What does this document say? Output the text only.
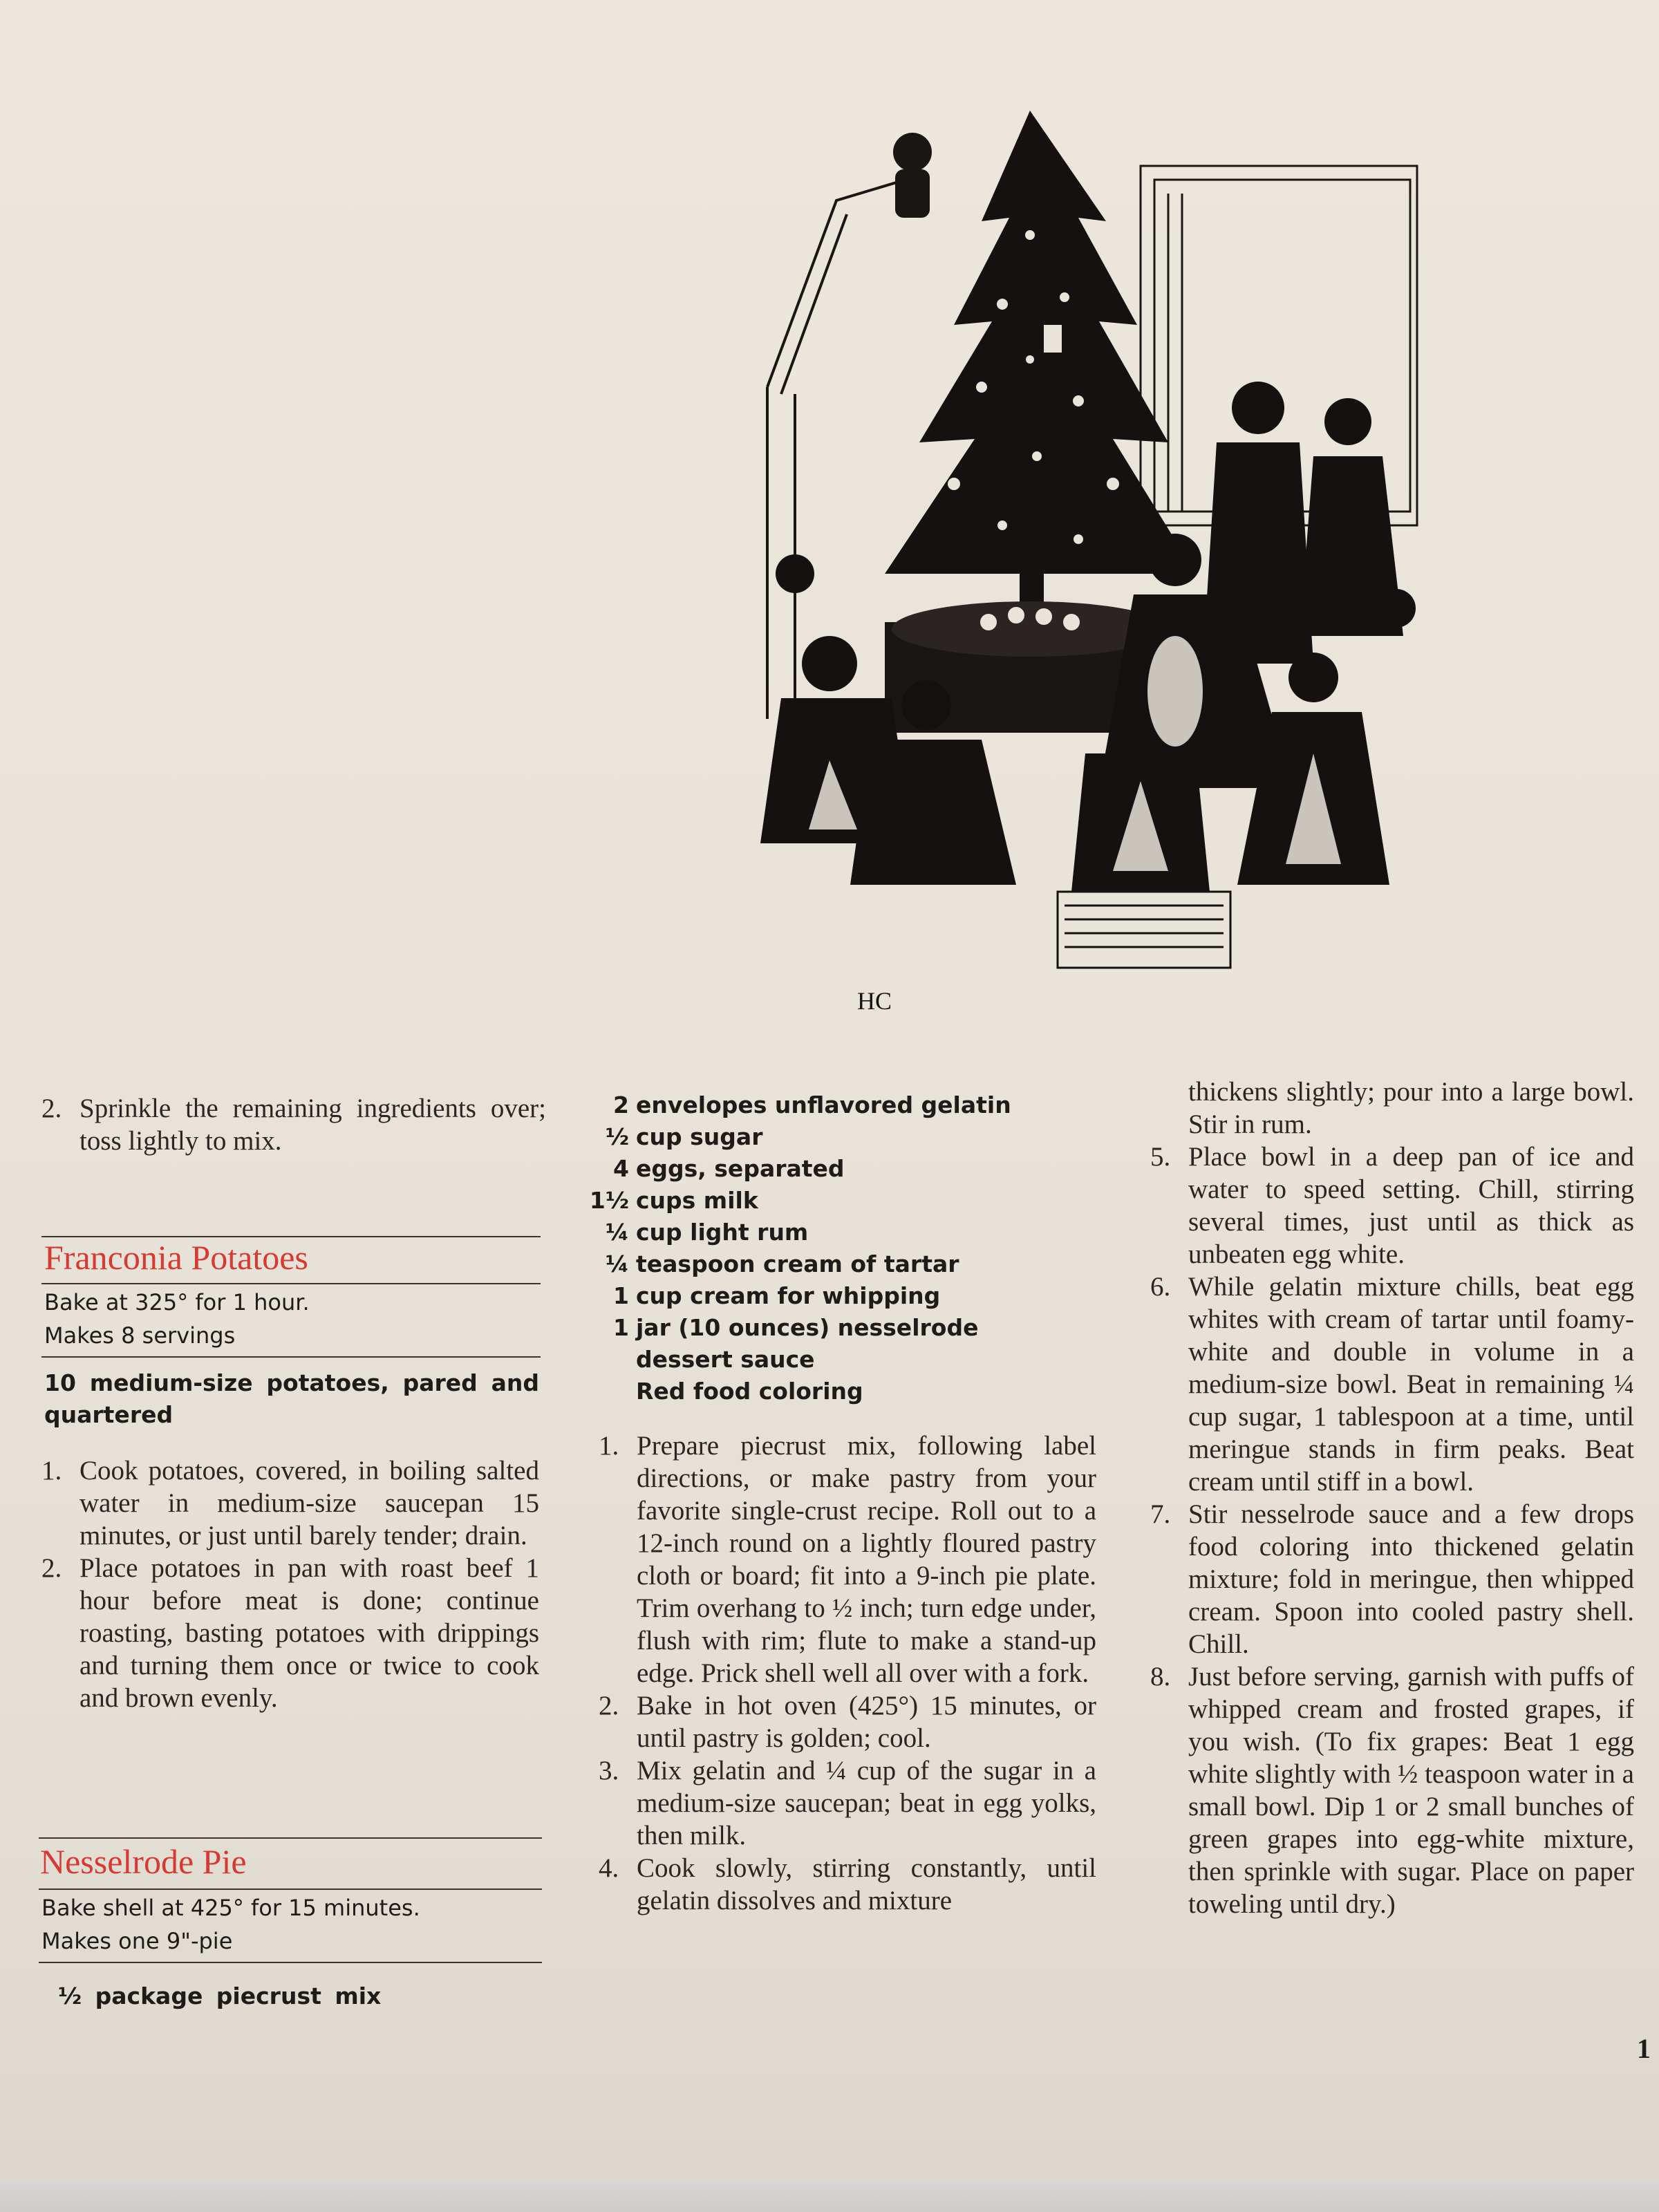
HC

2. Sprinkle the remaining ingredients over; toss lightly to mix.

Franconia Potatoes
Bake at 325° for 1 hour.
Makes 8 servings
10 medium-size potatoes, pared and quartered

1. Cook potatoes, covered, in boiling salted water in medium-size saucepan 15 minutes, or just until barely tender; drain.

2. Place potatoes in pan with roast beef 1 hour before meat is done; continue roasting, basting potatoes with drippings and turning them once or twice to cook and brown evenly.

Nesselrode Pie
Bake shell at 425° for 15 minutes.
Makes one 9"-pie
½ package piecrust mix
2 envelopes unflavored gelatin
½ cup sugar
4 eggs, separated
1½ cups milk
¼ cup light rum
¼ teaspoon cream of tartar
1 cup cream for whipping
1 jar (10 ounces) nesselrode dessert sauce
Red food coloring

1. Prepare piecrust mix, following label directions, or make pastry from your favorite single-crust recipe. Roll out to a 12-inch round on a lightly floured pastry cloth or board; fit into a 9-inch pie plate. Trim overhang to ½ inch; turn edge under, flush with rim; flute to make a stand-up edge. Prick shell well all over with a fork.

2. Bake in hot oven (425°) 15 minutes, or until pastry is golden; cool.

3. Mix gelatin and ¼ cup of the sugar in a medium-size saucepan; beat in egg yolks, then milk.

4. Cook slowly, stirring constantly, until gelatin dissolves and mixture

thickens slightly; pour into a large bowl. Stir in rum.

5. Place bowl in a deep pan of ice and water to speed setting. Chill, stirring several times, just until as thick as unbeaten egg white.

6. While gelatin mixture chills, beat egg whites with cream of tartar until foamy-white and double in volume in a medium-size bowl. Beat in remaining ¼ cup sugar, 1 tablespoon at a time, until meringue stands in firm peaks. Beat cream until stiff in a bowl.

7. Stir nesselrode sauce and a few drops food coloring into thickened gelatin mixture; fold in meringue, then whipped cream. Spoon into cooled pastry shell. Chill.

8. Just before serving, garnish with puffs of whipped cream and frosted grapes, if you wish. (To fix grapes: Beat 1 egg white slightly with ½ teaspoon water in a small bowl. Dip 1 or 2 small bunches of green grapes into egg-white mixture, then sprinkle with sugar. Place on paper toweling until dry.)

1
